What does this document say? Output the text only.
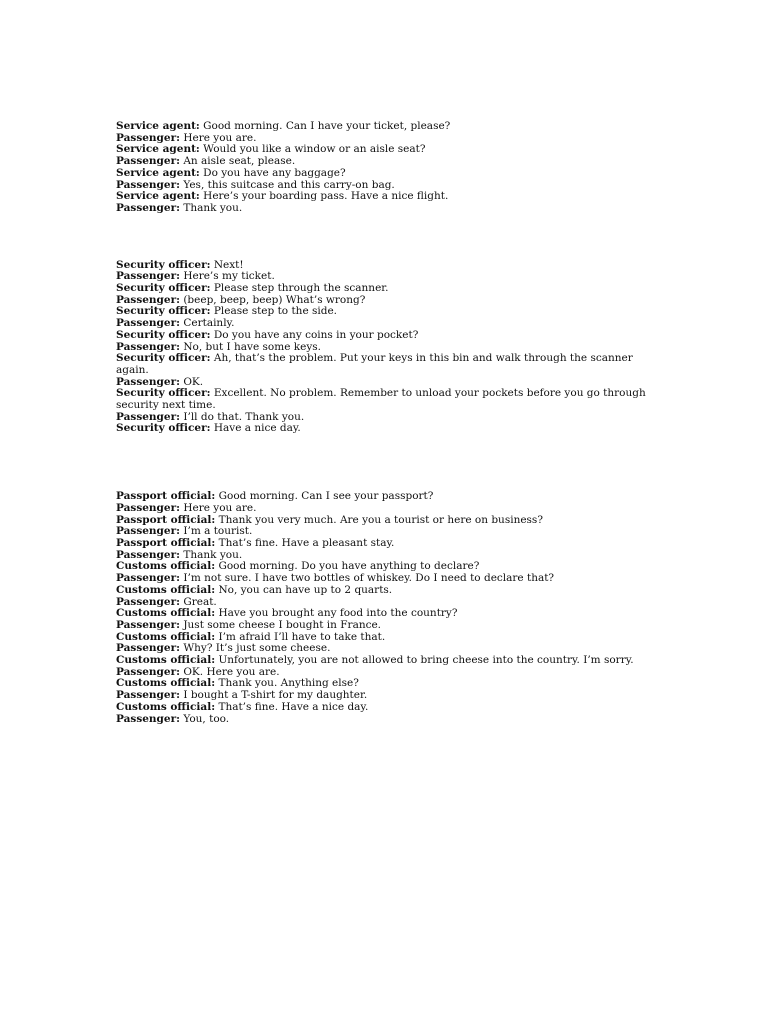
Service agent: Good morning. Can I have your ticket, please?

Passenger: Here you are.

Service agent: Would you like a window or an aisle seat?

Passenger: An aisle seat, please.

Service agent: Do you have any baggage?

Passenger: Yes, this suitcase and this carry-on bag.

Service agent: Here’s your boarding pass. Have a nice flight.

Passenger: Thank you.

Security officer: Next!

Passenger: Here’s my ticket.

Security officer: Please step through the scanner.

Passenger: (beep, beep, beep) What’s wrong?

Security officer: Please step to the side.

Passenger: Certainly.

Security officer: Do you have any coins in your pocket?

Passenger: No, but I have some keys.

Security officer: Ah, that’s the problem. Put your keys in this bin and walk through the scanner again.

Passenger: OK.

Security officer: Excellent. No problem. Remember to unload your pockets before you go through security next time.

Passenger: I’ll do that. Thank you.

Security officer: Have a nice day.

Passport official: Good morning. Can I see your passport?

Passenger: Here you are.

Passport official: Thank you very much. Are you a tourist or here on business?

Passenger: I’m a tourist.

Passport official: That’s fine. Have a pleasant stay.

Passenger: Thank you.

Customs official: Good morning. Do you have anything to declare?

Passenger: I’m not sure. I have two bottles of whiskey. Do I need to declare that?

Customs official: No, you can have up to 2 quarts.

Passenger: Great.

Customs official: Have you brought any food into the country?

Passenger: Just some cheese I bought in France.

Customs official: I’m afraid I’ll have to take that.

Passenger: Why? It’s just some cheese.

Customs official: Unfortunately, you are not allowed to bring cheese into the country. I’m sorry.

Passenger: OK. Here you are.

Customs official: Thank you. Anything else?

Passenger: I bought a T-shirt for my daughter.

Customs official: That’s fine. Have a nice day.

Passenger: You, too.
